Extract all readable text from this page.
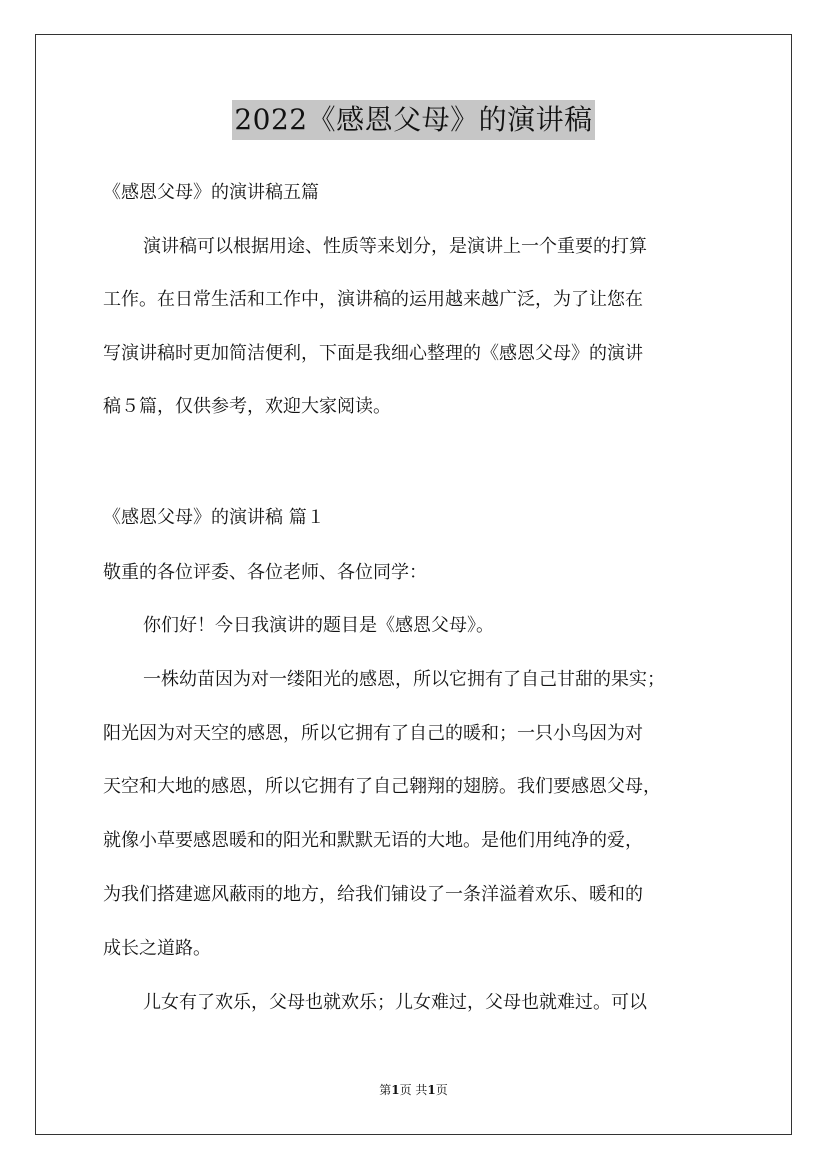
2022《感恩父母》的演讲稿
《感恩父母》的演讲稿五篇
演讲稿可以根据用途、性质等来划分，是演讲上一个重要的打算
工作。在日常生活和工作中，演讲稿的运用越来越广泛，为了让您在
写演讲稿时更加简洁便利，下面是我细心整理的《感恩父母》的演讲
稿５篇，仅供参考，欢迎大家阅读。
《感恩父母》的演讲稿 篇１
敬重的各位评委、各位老师、各位同学：
你们好！今日我演讲的题目是《感恩父母》。
一株幼苗因为对一缕阳光的感恩，所以它拥有了自己甘甜的果实；
阳光因为对天空的感恩，所以它拥有了自己的暖和；一只小鸟因为对
天空和大地的感恩，所以它拥有了自己翱翔的翅膀。我们要感恩父母，
就像小草要感恩暖和的阳光和默默无语的大地。是他们用纯净的爱，
为我们搭建遮风蔽雨的地方，给我们铺设了一条洋溢着欢乐、暖和的
成长之道路。
儿女有了欢乐，父母也就欢乐；儿女难过，父母也就难过。可以
第1页 共1页
